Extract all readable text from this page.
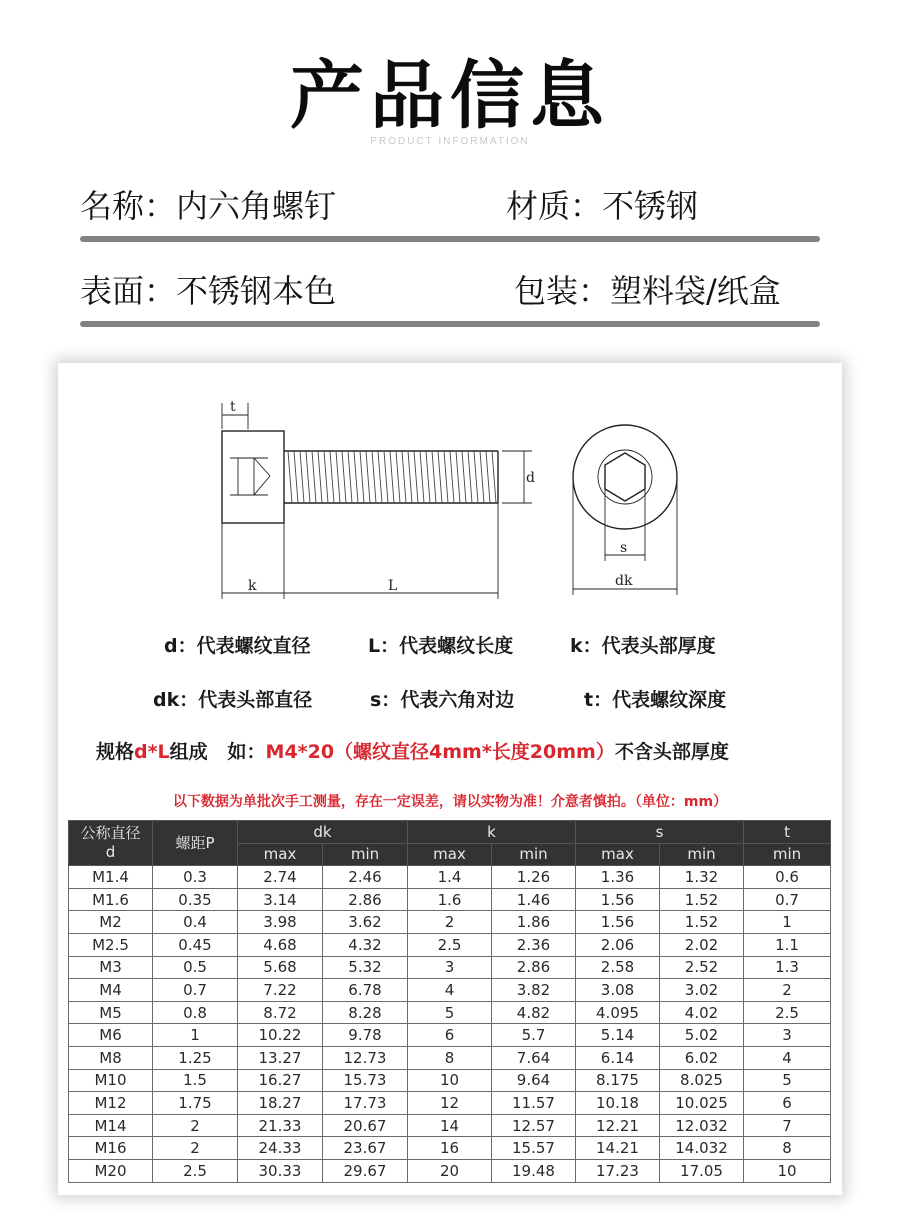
产品信息
PRODUCT INFORMATION
名称：内六角螺钉	材质：不锈钢
表面：不锈钢本色	包装：塑料袋/纸盒
t
d
k	L
s
dk
d：代表螺纹直径	L：代表螺纹长度	k：代表头部厚度
dk：代表头部直径	s：代表六角对边	t：代表螺纹深度
规格d*L组成   如：M4*20（螺纹直径4mm*长度20mm）不含头部厚度
以下数据为单批次手工测量，存在一定误差，请以实物为准！介意者慎拍。（单位：mm）
公称直径
d	螺距P	dk		k		s		t
		max	min	max	min	max	min	min
M1.4	0.3	2.74	2.46	1.4	1.26	1.36	1.32	0.6
M1.6	0.35	3.14	2.86	1.6	1.46	1.56	1.52	0.7
M2	0.4	3.98	3.62	2	1.86	1.56	1.52	1
M2.5	0.45	4.68	4.32	2.5	2.36	2.06	2.02	1.1
M3	0.5	5.68	5.32	3	2.86	2.58	2.52	1.3
M4	0.7	7.22	6.78	4	3.82	3.08	3.02	2
M5	0.8	8.72	8.28	5	4.82	4.095	4.02	2.5
M6	1	10.22	9.78	6	5.7	5.14	5.02	3
M8	1.25	13.27	12.73	8	7.64	6.14	6.02	4
M10	1.5	16.27	15.73	10	9.64	8.175	8.025	5
M12	1.75	18.27	17.73	12	11.57	10.18	10.025	6
M14	2	21.33	20.67	14	12.57	12.21	12.032	7
M16	2	24.33	23.67	16	15.57	14.21	14.032	8
M20	2.5	30.33	29.67	20	19.48	17.23	17.05	10
